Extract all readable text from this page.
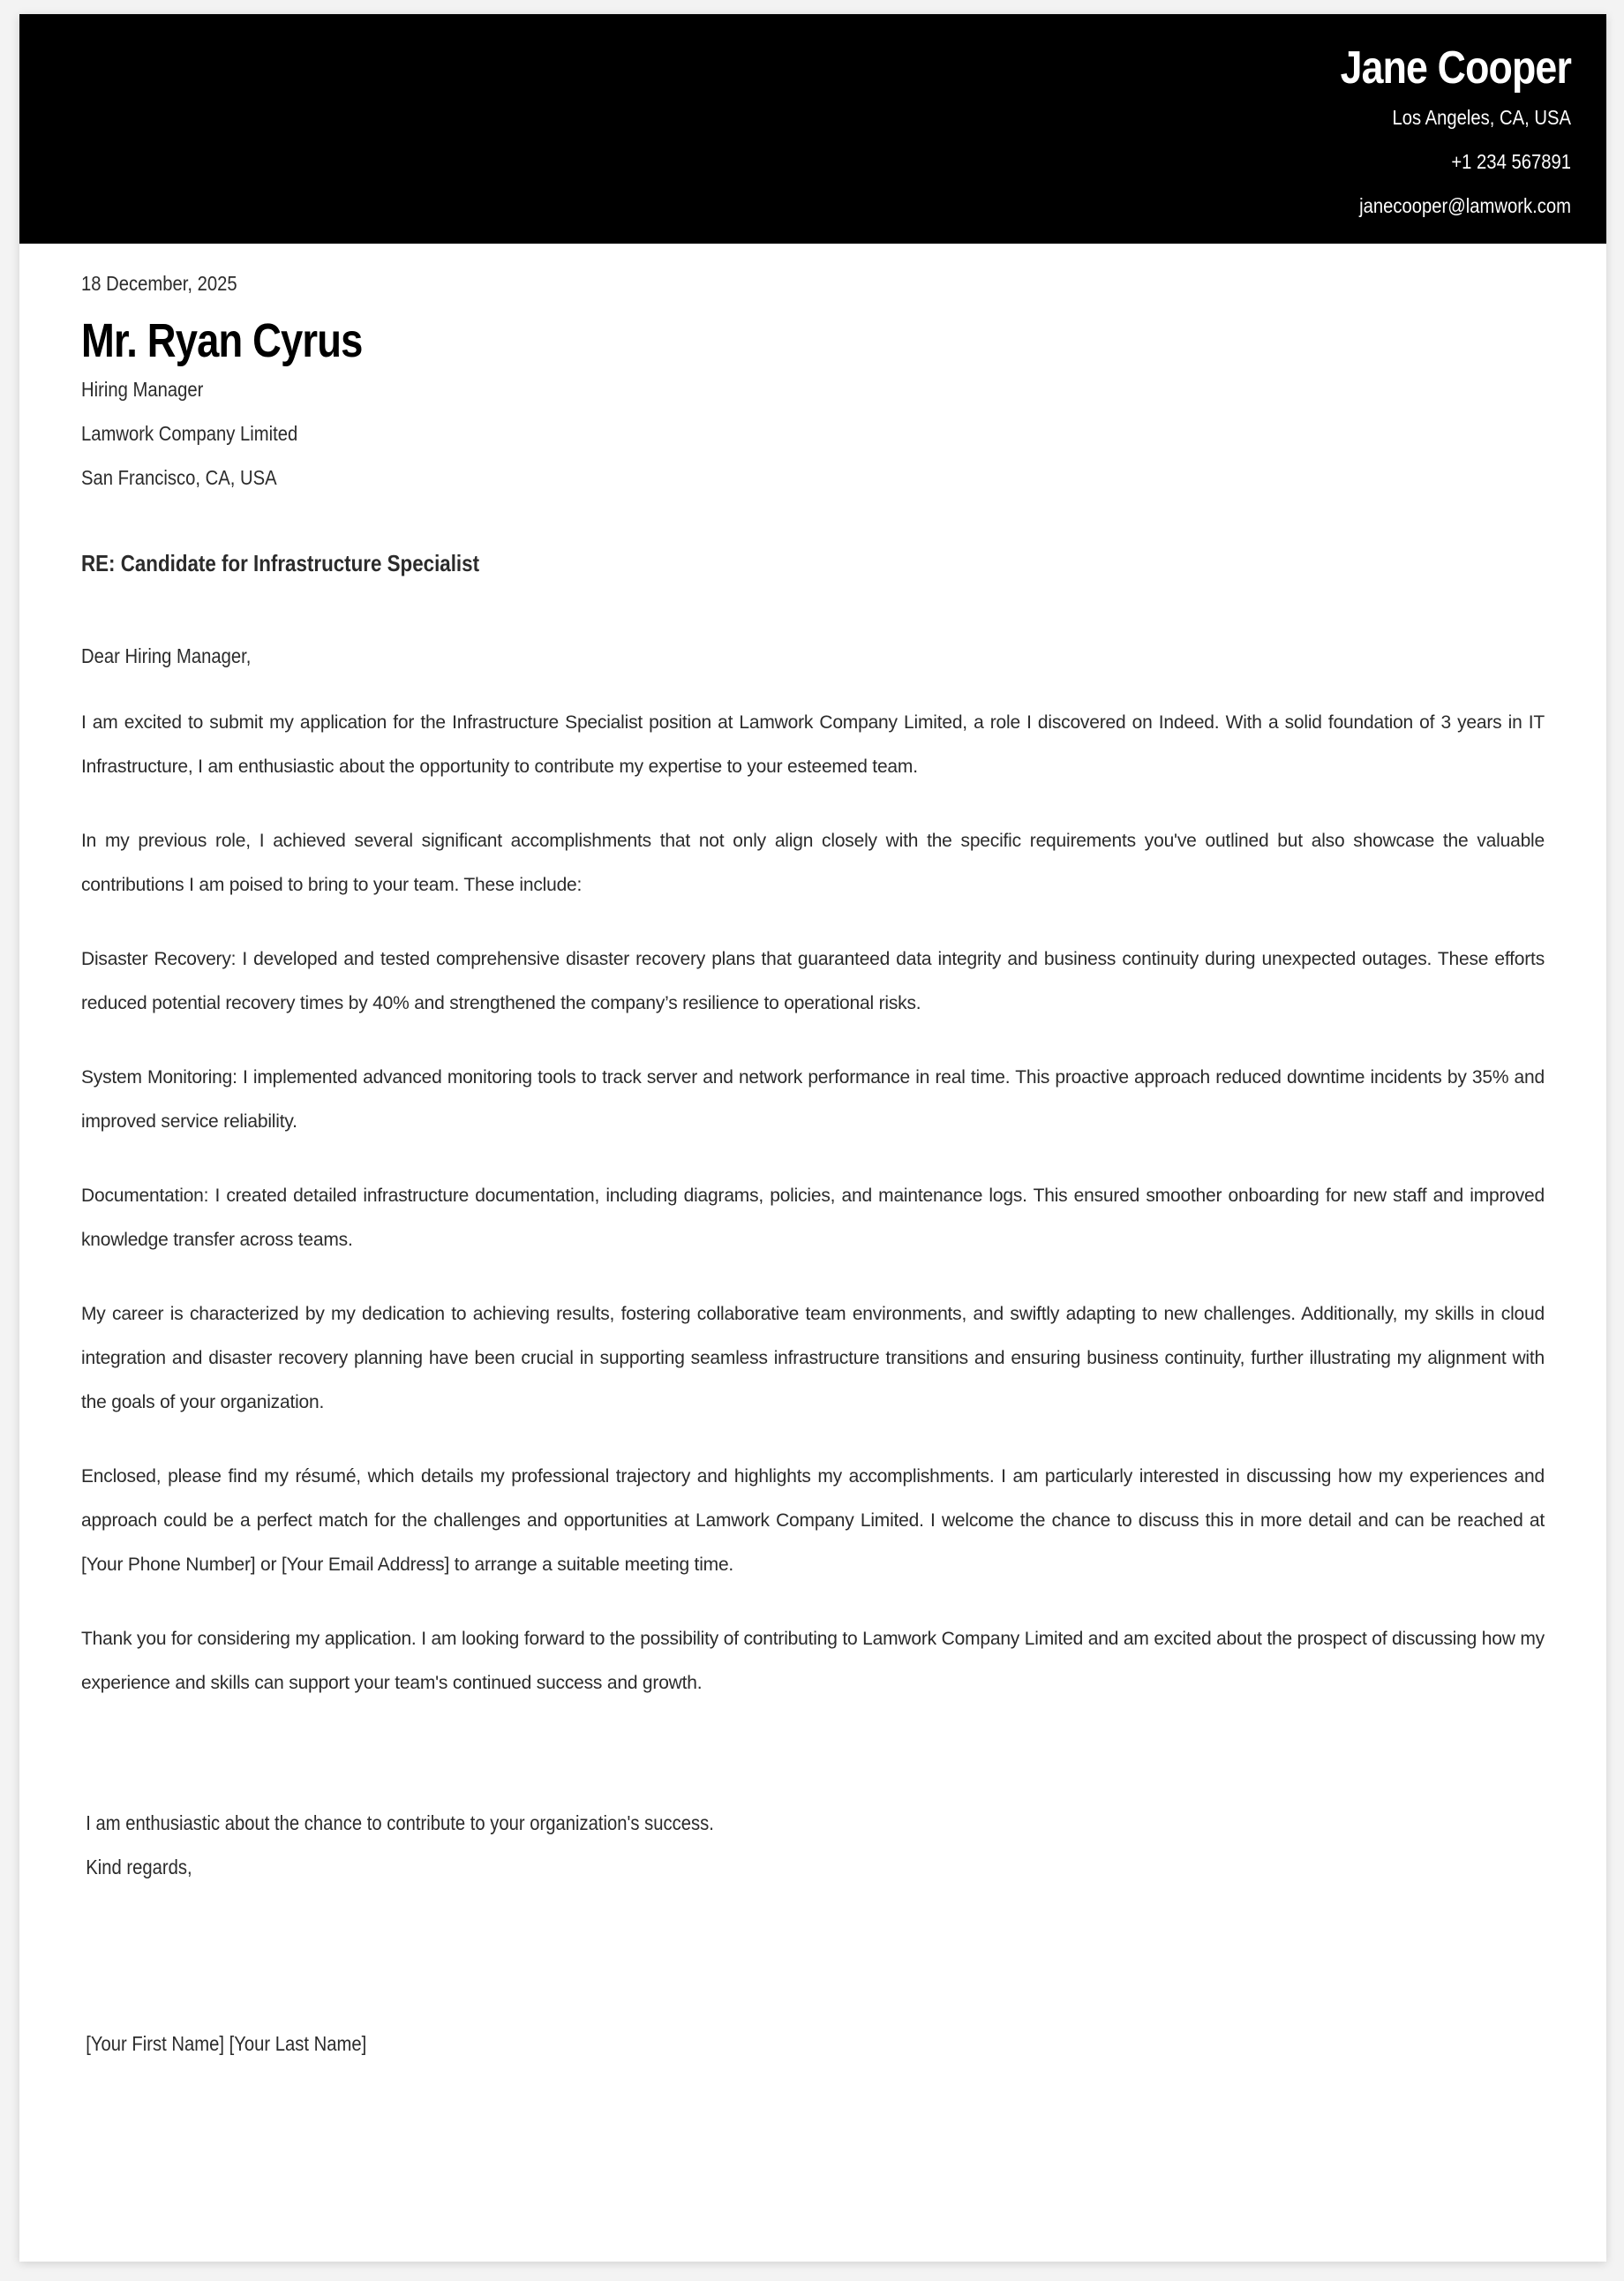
Jane Cooper
Los Angeles, CA, USA
+1 234 567891
janecooper@lamwork.com
18 December, 2025
Mr. Ryan Cyrus
Hiring Manager
Lamwork Company Limited
San Francisco, CA, USA
RE: Candidate for Infrastructure Specialist
Dear Hiring Manager,

I am excited to submit my application for the Infrastructure Specialist position at Lamwork Company Limited, a role I discovered on Indeed. With a solid foundation of 3 years in IT Infrastructure, I am enthusiastic about the opportunity to contribute my expertise to your esteemed team.

In my previous role, I achieved several significant accomplishments that not only align closely with the specific requirements you've outlined but also showcase the valuable contributions I am poised to bring to your team. These include:

Disaster Recovery: I developed and tested comprehensive disaster recovery plans that guaranteed data integrity and business continuity during unexpected outages. These efforts reduced potential recovery times by 40% and strengthened the company’s resilience to operational risks.

System Monitoring: I implemented advanced monitoring tools to track server and network performance in real time. This proactive approach reduced downtime incidents by 35% and improved service reliability.

Documentation: I created detailed infrastructure documentation, including diagrams, policies, and maintenance logs. This ensured smoother onboarding for new staff and improved knowledge transfer across teams.

My career is characterized by my dedication to achieving results, fostering collaborative team environments, and swiftly adapting to new challenges. Additionally, my skills in cloud integration and disaster recovery planning have been crucial in supporting seamless infrastructure transitions and ensuring business continuity, further illustrating my alignment with the goals of your organization.

Enclosed, please find my résumé, which details my professional trajectory and highlights my accomplishments. I am particularly interested in discussing how my experiences and approach could be a perfect match for the challenges and opportunities at Lamwork Company Limited. I welcome the chance to discuss this in more detail and can be reached at [Your Phone Number] or [Your Email Address] to arrange a suitable meeting time.

Thank you for considering my application. I am looking forward to the possibility of contributing to Lamwork Company Limited and am excited about the prospect of discussing how my experience and skills can support your team's continued success and growth.

I am enthusiastic about the chance to contribute to your organization's success.
Kind regards,
[Your First Name] [Your Last Name]
